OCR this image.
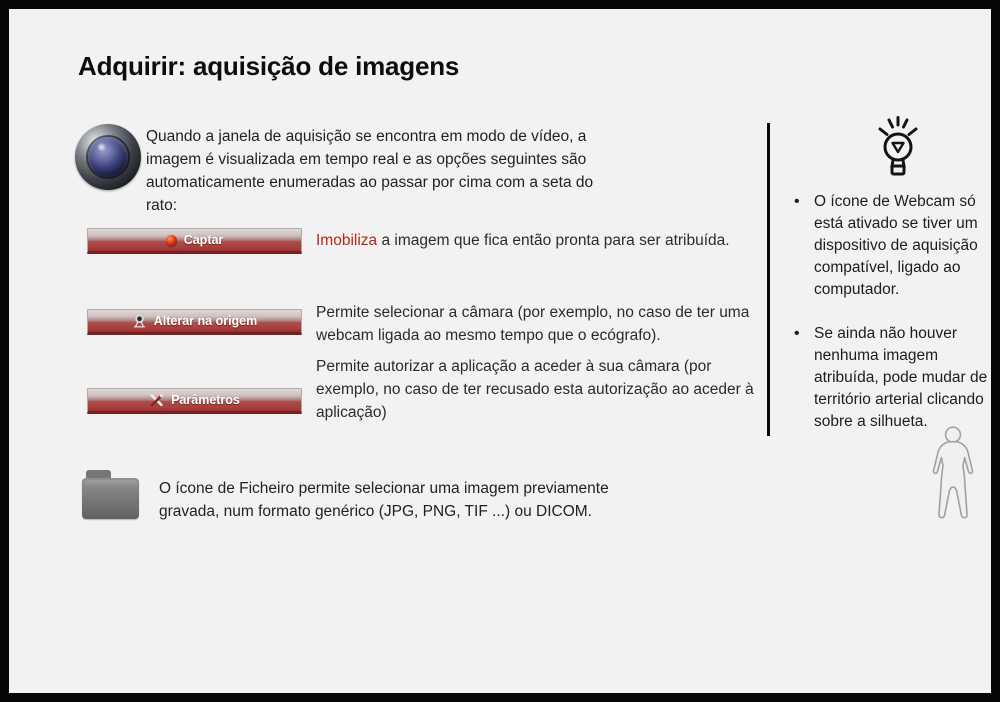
Adquirir: aquisição de imagens
Quando a janela de aquisição se encontra em modo de vídeo, a imagem é visualizada em tempo real e as opções seguintes são automaticamente enumeradas ao passar por cima com a seta do rato:
Captar	Imobiliza a imagem que fica então pronta para ser atribuída.
Alterar na origem	Permite selecionar a câmara (por exemplo, no caso de ter uma webcam ligada ao mesmo tempo que o ecógrafo).
Parâmetros
Permite autorizar a aplicação a aceder à sua câmara (por exemplo, no caso de ter recusado esta autorização ao aceder à aplicação)
O ícone de Ficheiro permite selecionar uma imagem previamente gravada, num formato genérico (JPG, PNG, TIF ...) ou DICOM.
• O ícone de Webcam só está ativado se tiver um dispositivo de aquisição compatível, ligado ao computador.
• Se ainda não houver nenhuma imagem atribuída, pode mudar de território arterial clicando sobre a silhueta.
